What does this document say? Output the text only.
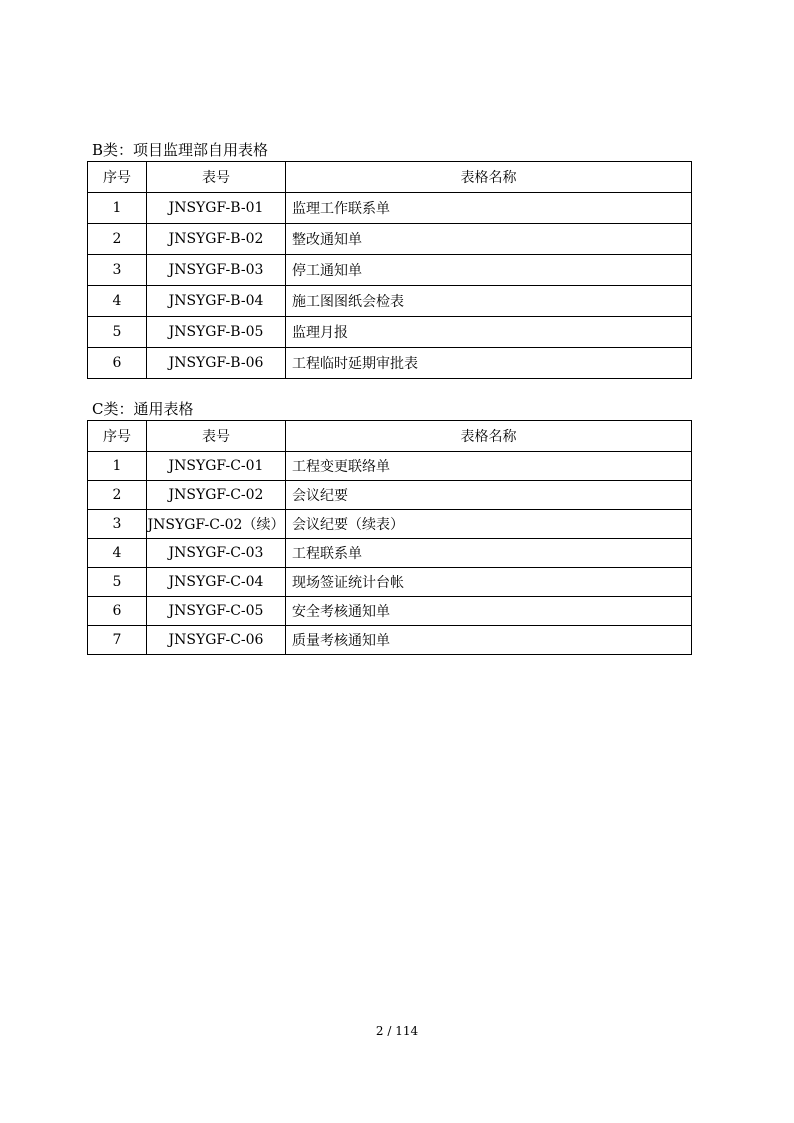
B类：项目监理部自用表格
序号	表号	表格名称
1	JNSYGF-B-01	监理工作联系单
2	JNSYGF-B-02	整改通知单
3	JNSYGF-B-03	停工通知单
4	JNSYGF-B-04	施工图图纸会检表
5	JNSYGF-B-05	监理月报
6	JNSYGF-B-06	工程临时延期审批表
C类：通用表格
序号	表号	表格名称
1	JNSYGF-C-01	工程变更联络单
2	JNSYGF-C-02	会议纪要
3	JNSYGF-C-02（续）	会议纪要（续表）
4	JNSYGF-C-03	工程联系单
5	JNSYGF-C-04	现场签证统计台帐
6	JNSYGF-C-05	安全考核通知单
7	JNSYGF-C-06	质量考核通知单
2 / 114
